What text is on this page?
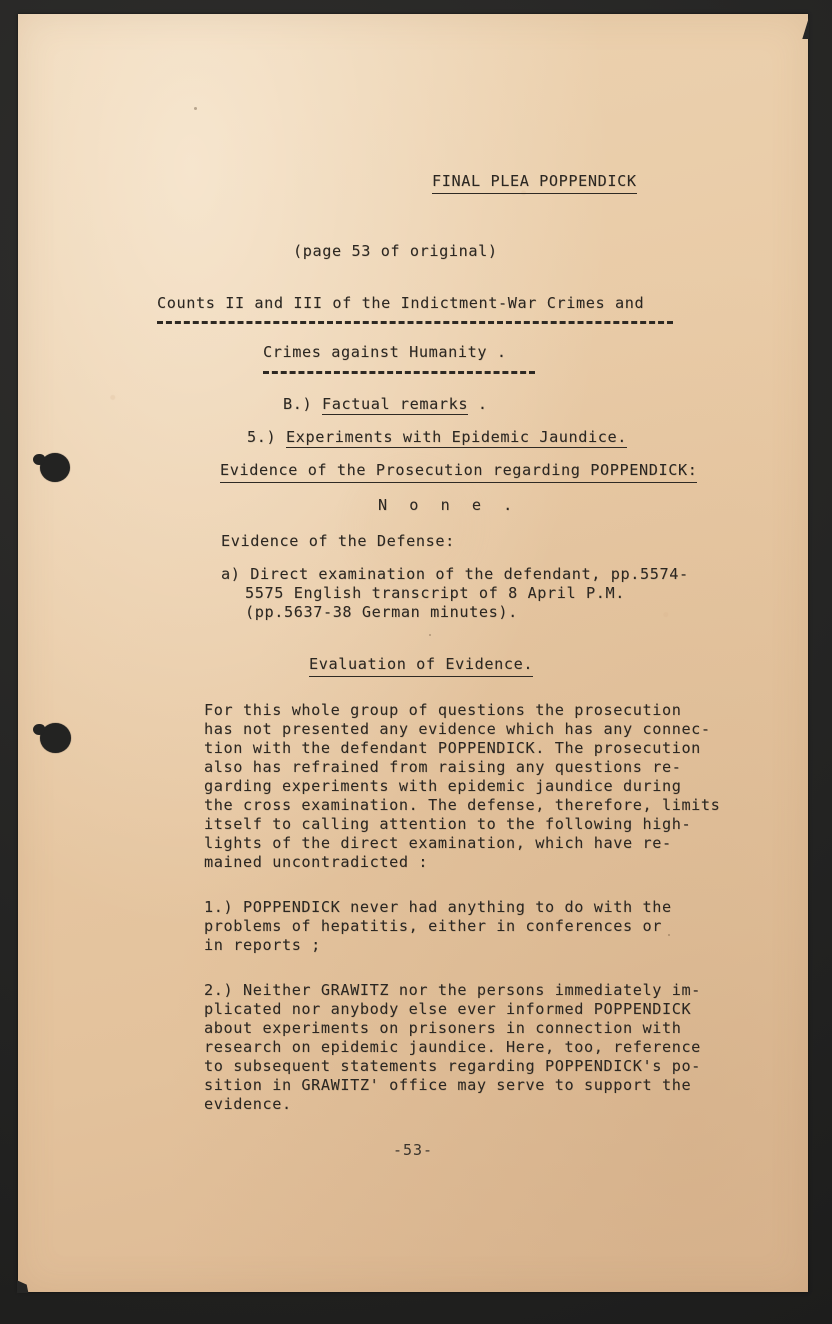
FINAL PLEA POPPENDICK
(page 53 of original)
Counts II and III of the Indictment-War Crimes and
Crimes against Humanity .
B.) Factual remarks .
5.) Experiments with Epidemic Jaundice.
Evidence of the Prosecution regarding POPPENDICK:
N o n e .
Evidence of the Defense:
a) Direct examination of the defendant, pp.5574-
5575 English transcript of 8 April P.M.
(pp.5637-38 German minutes).
Evaluation of Evidence.
For this whole group of questions the prosecution
has not presented any evidence which has any connec-
tion with the defendant POPPENDICK. The prosecution
also has refrained from raising any questions re-
garding experiments with epidemic jaundice during
the cross examination. The defense, therefore, limits
itself to calling attention to the following high-
lights of the direct examination, which have re-
mained uncontradicted :
1.) POPPENDICK never had anything to do with the
problems of hepatitis, either in conferences or
in reports ;
2.) Neither GRAWITZ nor the persons immediately im-
plicated nor anybody else ever informed POPPENDICK
about experiments on prisoners in connection with
research on epidemic jaundice. Here, too, reference
to subsequent statements regarding POPPENDICK's po-
sition in GRAWITZ' office may serve to support the
evidence.
-53-
